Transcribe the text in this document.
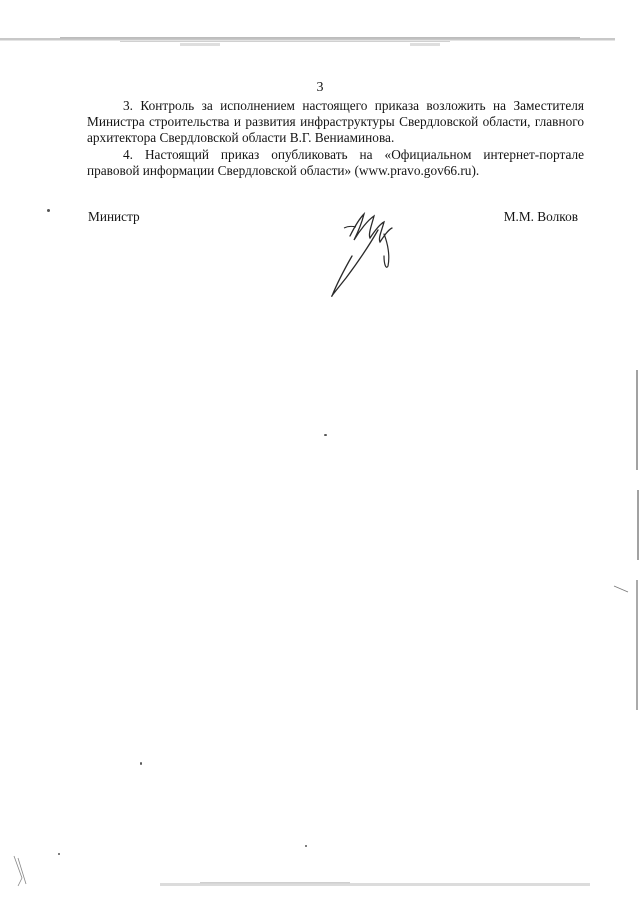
3

3. Контроль за исполнением настоящего приказа возложить на Заместителя Министра строительства и развития инфраструктуры Свердловской области, главного архитектора Свердловской области В.Г. Вениаминова.

4. Настоящий приказ опубликовать на «Официальном интернет-портале правовой информации Свердловской области» (www.pravo.gov66.ru).

Министр	М.М. Волков
